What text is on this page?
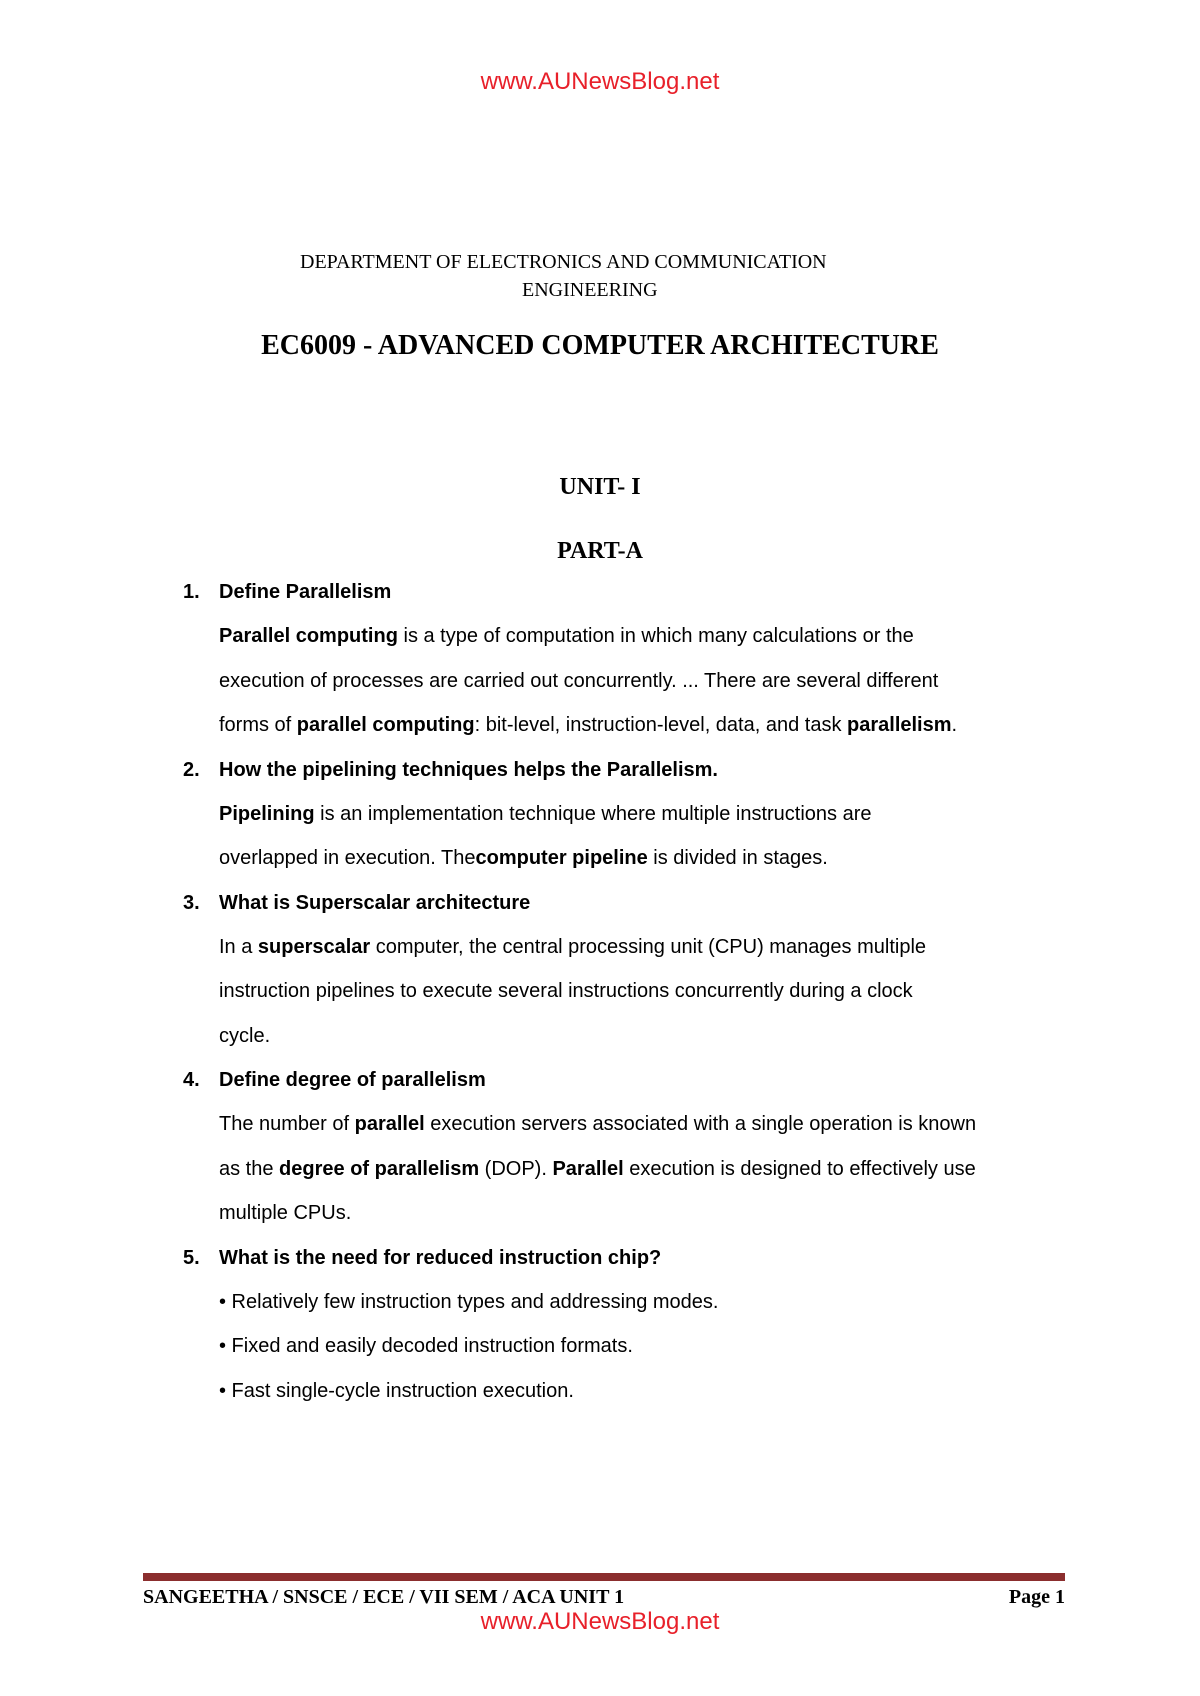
www.AUNewsBlog.net
DEPARTMENT OF ELECTRONICS AND COMMUNICATION
ENGINEERING
EC6009 - ADVANCED COMPUTER ARCHITECTURE
UNIT- I
PART-A
1. Define Parallelism
Parallel computing is a type of computation in which many calculations or the
execution of processes are carried out concurrently. ... There are several different
forms of parallel computing: bit-level, instruction-level, data, and task parallelism.
2. How the pipelining techniques helps the Parallelism.
Pipelining is an implementation technique where multiple instructions are
overlapped in execution. Thecomputer pipeline is divided in stages.
3. What is Superscalar architecture
In a superscalar computer, the central processing unit (CPU) manages multiple
instruction pipelines to execute several instructions concurrently during a clock
cycle.
4. Define degree of parallelism
The number of parallel execution servers associated with a single operation is known
as the degree of parallelism (DOP). Parallel execution is designed to effectively use
multiple CPUs.
5. What is the need for reduced instruction chip?
• Relatively few instruction types and addressing modes.
• Fixed and easily decoded instruction formats.
• Fast single-cycle instruction execution.
SANGEETHA / SNSCE / ECE / VII SEM / ACA UNIT 1	Page 1
www.AUNewsBlog.net
